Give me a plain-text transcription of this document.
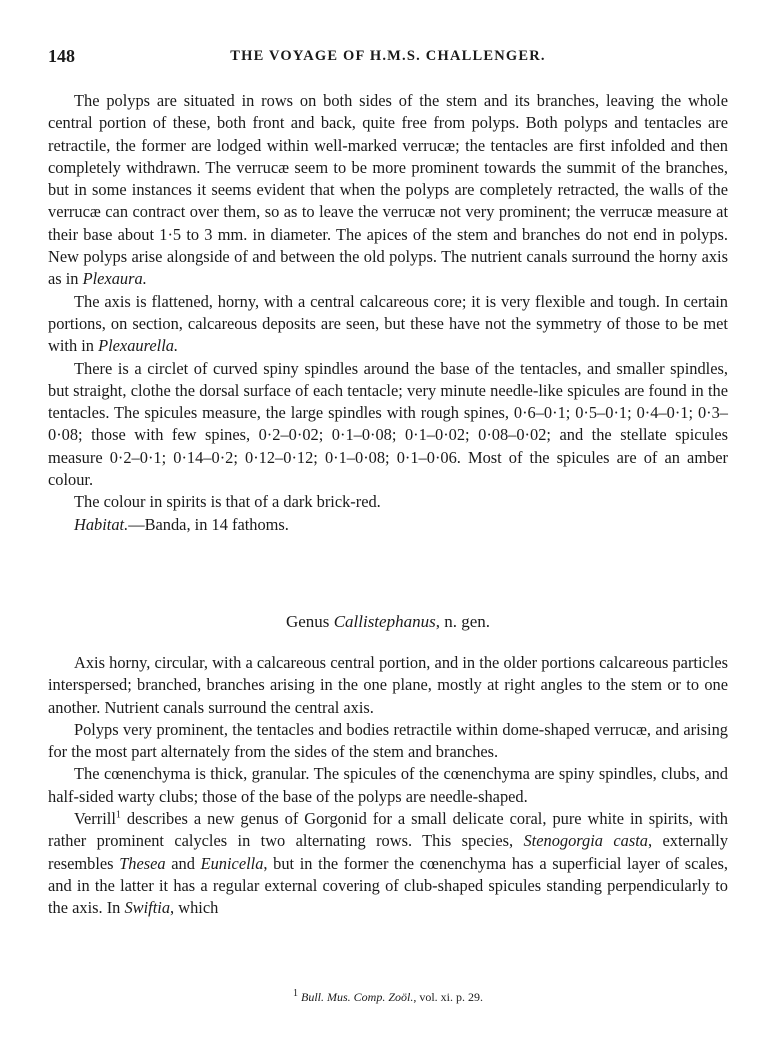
148	THE VOYAGE OF H.M.S. CHALLENGER.

The polyps are situated in rows on both sides of the stem and its branches, leaving the whole central portion of these, both front and back, quite free from polyps. Both polyps and tentacles are retractile, the former are lodged within well-marked verrucæ; the tentacles are first infolded and then completely withdrawn. The verrucæ seem to be more prominent towards the summit of the branches, but in some instances it seems evident that when the polyps are completely retracted, the walls of the verrucæ can contract over them, so as to leave the verrucæ not very prominent; the verrucæ measure at their base about 1·5 to 3 mm. in diameter. The apices of the stem and branches do not end in polyps. New polyps arise alongside of and between the old polyps. The nutrient canals surround the horny axis as in Plexaura.

The axis is flattened, horny, with a central calcareous core; it is very flexible and tough. In certain portions, on section, calcareous deposits are seen, but these have not the symmetry of those to be met with in Plexaurella.

There is a circlet of curved spiny spindles around the base of the tentacles, and smaller spindles, but straight, clothe the dorsal surface of each tentacle; very minute needle-like spicules are found in the tentacles. The spicules measure, the large spindles with rough spines, 0·6–0·1; 0·5–0·1; 0·4–0·1; 0·3–0·08; those with few spines, 0·2–0·02; 0·1–0·08; 0·1–0·02; 0·08–0·02; and the stellate spicules measure 0·2–0·1; 0·14–0·2; 0·12–0·12; 0·1–0·08; 0·1–0·06. Most of the spicules are of an amber colour.

The colour in spirits is that of a dark brick-red.

Habitat.—Banda, in 14 fathoms.

Genus Callistephanus, n. gen.

Axis horny, circular, with a calcareous central portion, and in the older portions calcareous particles interspersed; branched, branches arising in the one plane, mostly at right angles to the stem or to one another. Nutrient canals surround the central axis.

Polyps very prominent, the tentacles and bodies retractile within dome-shaped verrucæ, and arising for the most part alternately from the sides of the stem and branches.

The cœnenchyma is thick, granular. The spicules of the cœnenchyma are spiny spindles, clubs, and half-sided warty clubs; those of the base of the polyps are needle-shaped.

Verrill$^1$ describes a new genus of Gorgonid for a small delicate coral, pure white in spirits, with rather prominent calycles in two alternating rows. This species, Stenogorgia casta, externally resembles Thesea and Eunicella, but in the former the cœnenchyma has a superficial layer of scales, and in the latter it has a regular external covering of club-shaped spicules standing perpendicularly to the axis. In Swiftia, which

$^1$ Bull. Mus. Comp. Zoöl., vol. xi. p. 29.
